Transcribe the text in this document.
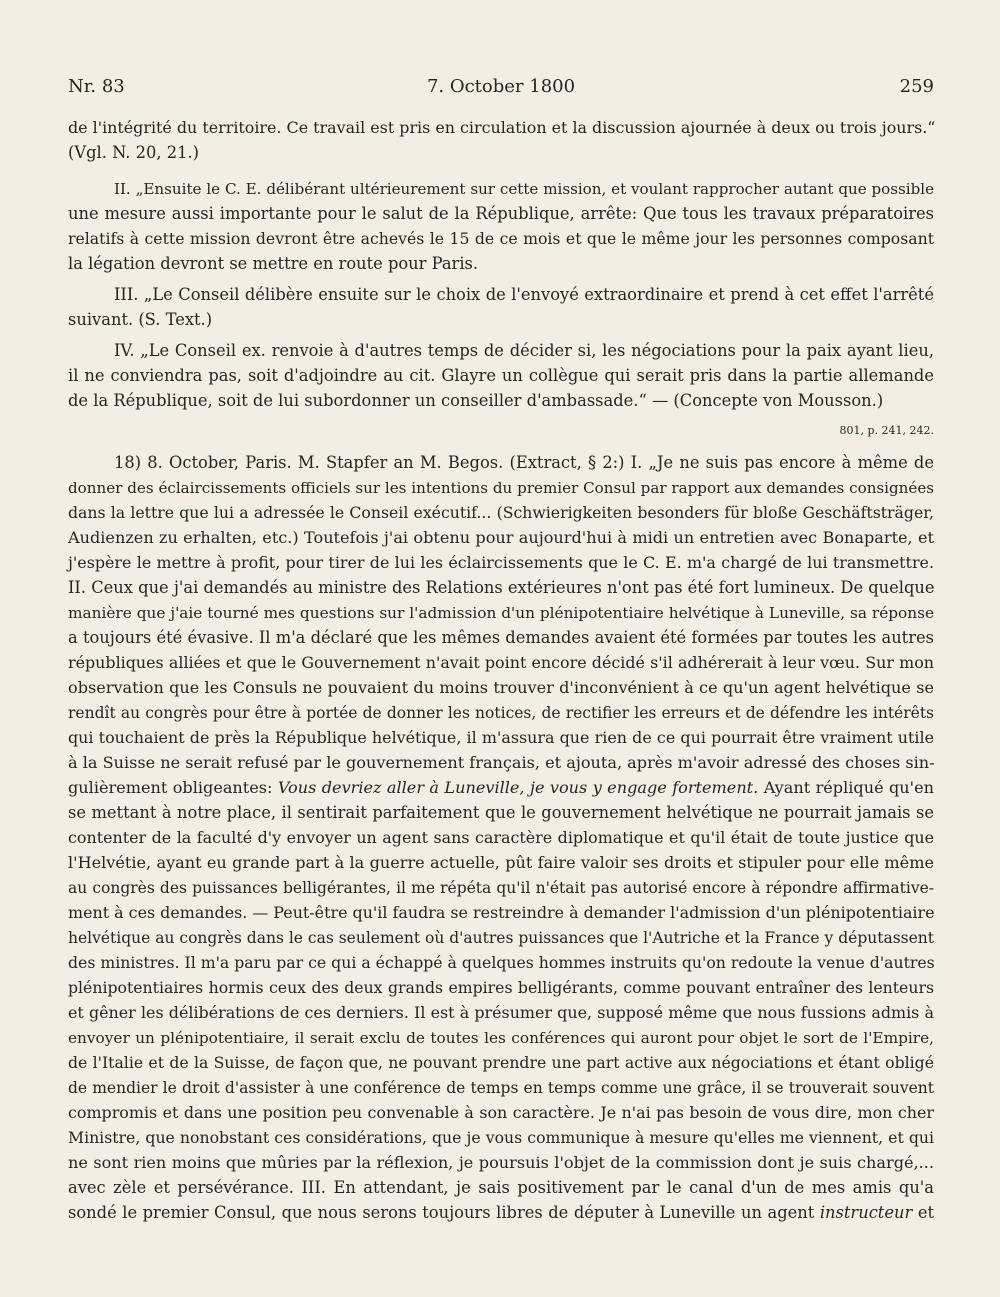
Nr. 83	7. October 1800	259
de l'intégrité du territoire. Ce travail est pris en circulation et la discussion ajournée à deux ou trois jours.“
(Vgl. N. 20, 21.)
II. „Ensuite le C. E. délibérant ultérieurement sur cette mission, et voulant rapprocher autant que possible
une mesure aussi importante pour le salut de la République, arrête: Que tous les travaux préparatoires
relatifs à cette mission devront être achevés le 15 de ce mois et que le même jour les personnes composant
la légation devront se mettre en route pour Paris.
III. „Le Conseil délibère ensuite sur le choix de l'envoyé extraordinaire et prend à cet effet l'arrêté
suivant. (S. Text.)
IV. „Le Conseil ex. renvoie à d'autres temps de décider si, les négociations pour la paix ayant lieu,
il ne conviendra pas, soit d'adjoindre au cit. Glayre un collègue qui serait pris dans la partie allemande
de la République, soit de lui subordonner un conseiller d'ambassade.“ — (Concepte von Mousson.)
801, p. 241, 242.
18) 8. October, Paris. M. Stapfer an M. Begos. (Extract, § 2:) I. „Je ne suis pas encore à même de
donner des éclaircissements officiels sur les intentions du premier Consul par rapport aux demandes consignées
dans la lettre que lui a adressée le Conseil exécutif... (Schwierigkeiten besonders für bloße Geschäftsträger,
Audienzen zu erhalten, etc.) Toutefois j'ai obtenu pour aujourd'hui à midi un entretien avec Bonaparte, et
j'espère le mettre à profit, pour tirer de lui les éclaircissements que le C. E. m'a chargé de lui transmettre.
II. Ceux que j'ai demandés au ministre des Relations extérieures n'ont pas été fort lumineux. De quelque
manière que j'aie tourné mes questions sur l'admission d'un plénipotentiaire helvétique à Luneville, sa réponse
a toujours été évasive. Il m'a déclaré que les mêmes demandes avaient été formées par toutes les autres
républiques alliées et que le Gouvernement n'avait point encore décidé s'il adhérerait à leur vœu. Sur mon
observation que les Consuls ne pouvaient du moins trouver d'inconvénient à ce qu'un agent helvétique se
rendît au congrès pour être à portée de donner les notices, de rectifier les erreurs et de défendre les intérêts
qui touchaient de près la République helvétique, il m'assura que rien de ce qui pourrait être vraiment utile
à la Suisse ne serait refusé par le gouvernement français, et ajouta, après m'avoir adressé des choses sin-
gulièrement obligeantes: Vous devriez aller à Luneville, je vous y engage fortement. Ayant répliqué qu'en
se mettant à notre place, il sentirait parfaitement que le gouvernement helvétique ne pourrait jamais se
contenter de la faculté d'y envoyer un agent sans caractère diplomatique et qu'il était de toute justice que
l'Helvétie, ayant eu grande part à la guerre actuelle, pût faire valoir ses droits et stipuler pour elle même
au congrès des puissances belligérantes, il me répéta qu'il n'était pas autorisé encore à répondre affirmative-
ment à ces demandes. — Peut-être qu'il faudra se restreindre à demander l'admission d'un plénipotentiaire
helvétique au congrès dans le cas seulement où d'autres puissances que l'Autriche et la France y députassent
des ministres. Il m'a paru par ce qui a échappé à quelques hommes instruits qu'on redoute la venue d'autres
plénipotentiaires hormis ceux des deux grands empires belligérants, comme pouvant entraîner des lenteurs
et gêner les délibérations de ces derniers. Il est à présumer que, supposé même que nous fussions admis à
envoyer un plénipotentiaire, il serait exclu de toutes les conférences qui auront pour objet le sort de l'Empire,
de l'Italie et de la Suisse, de façon que, ne pouvant prendre une part active aux négociations et étant obligé
de mendier le droit d'assister à une conférence de temps en temps comme une grâce, il se trouverait souvent
compromis et dans une position peu convenable à son caractère. Je n'ai pas besoin de vous dire, mon cher
Ministre, que nonobstant ces considérations, que je vous communique à mesure qu'elles me viennent, et qui
ne sont rien moins que mûries par la réflexion, je poursuis l'objet de la commission dont je suis chargé,...
avec zèle et persévérance. III. En attendant, je sais positivement par le canal d'un de mes amis qu'a
sondé le premier Consul, que nous serons toujours libres de députer à Luneville un agent instructeur et
